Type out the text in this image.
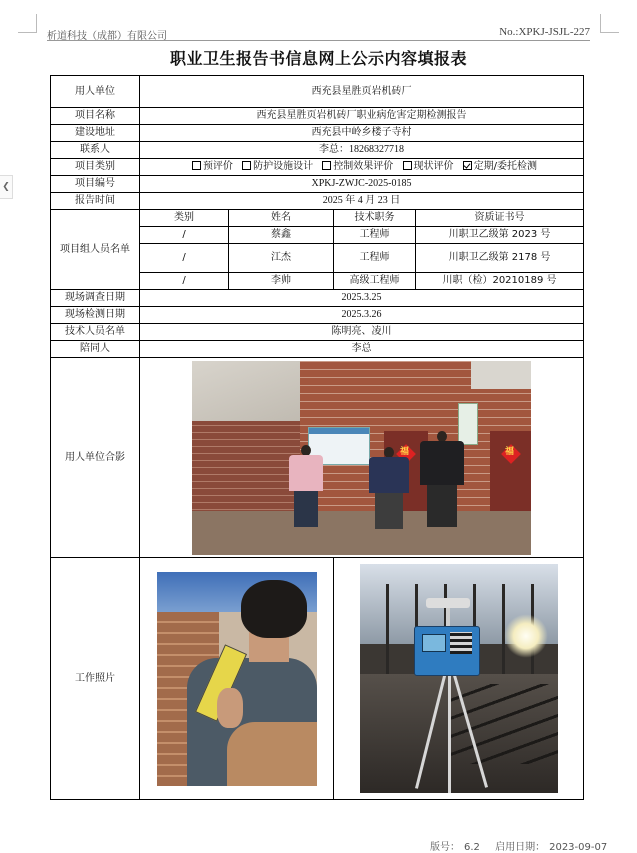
析道科技（成都）有限公司	No.:XPKJ-JSJL-227
❮
职业卫生报告书信息网上公示内容填报表
用人单位	西充县星胜页岩机砖厂			
项目名称	西充县星胜页岩机砖厂职业病危害定期检测报告			
建设地址	西充县中岭乡楼子寺村			
联系人	李总：18268327718			
项目类别	预评价 防护设施设计 控制效果评价 现状评价 定期/委托检测			
项目编号	XPKJ-ZWJC-2025-0185			
报告时间	2025 年 4 月 23 日			
项目组人员名单	类别	姓名	技术职务	资质证书号
	/	蔡鑫	工程师	川职卫乙级第 2023 号
	/	江杰	工程师	川职卫乙级第 2178 号
	/	李帅	高级工程师	川职（检）20210189 号
现场调查日期	2025.3.25			
现场检测日期	2025.3.26			
技术人员名单	陈明亮、凌川			
陪同人	李总			
用人单位合影	福 福			

工作照片			

版号： 6.2 启用日期： 2023-09-07
